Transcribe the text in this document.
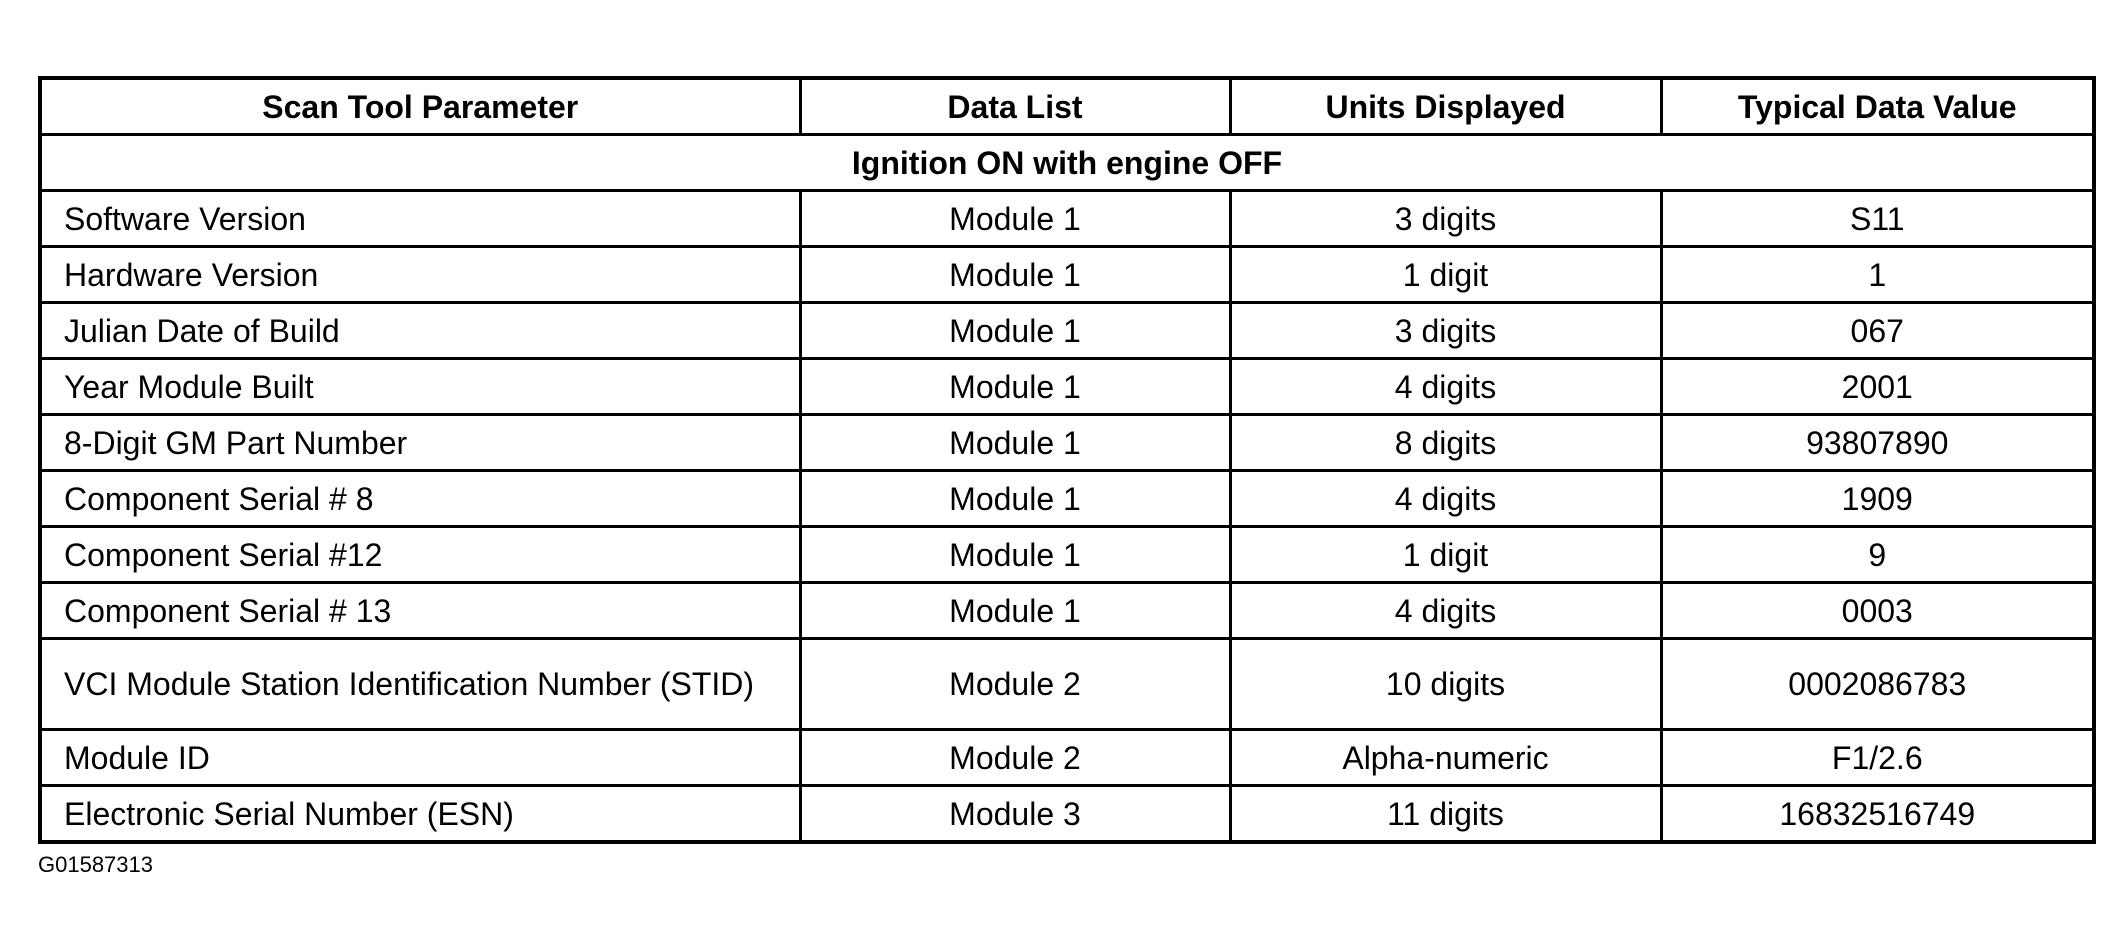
Scan Tool Parameter	Data List	Units Displayed	Typical Data Value
Ignition ON with engine OFF			
Software Version	Module 1	3 digits	S11
Hardware Version	Module 1	1 digit	1
Julian Date of Build	Module 1	3 digits	067
Year Module Built	Module 1	4 digits	2001
8-Digit GM Part Number	Module 1	8 digits	93807890
Component Serial # 8	Module 1	4 digits	1909
Component Serial #12	Module 1	1 digit	9
Component Serial # 13	Module 1	4 digits	0003
VCI Module Station Identification Number (STID)	Module 2	10 digits	0002086783
Module ID	Module 2	Alpha-numeric	F1/2.6
Electronic Serial Number (ESN)	Module 3	11 digits	16832516749
G01587313
